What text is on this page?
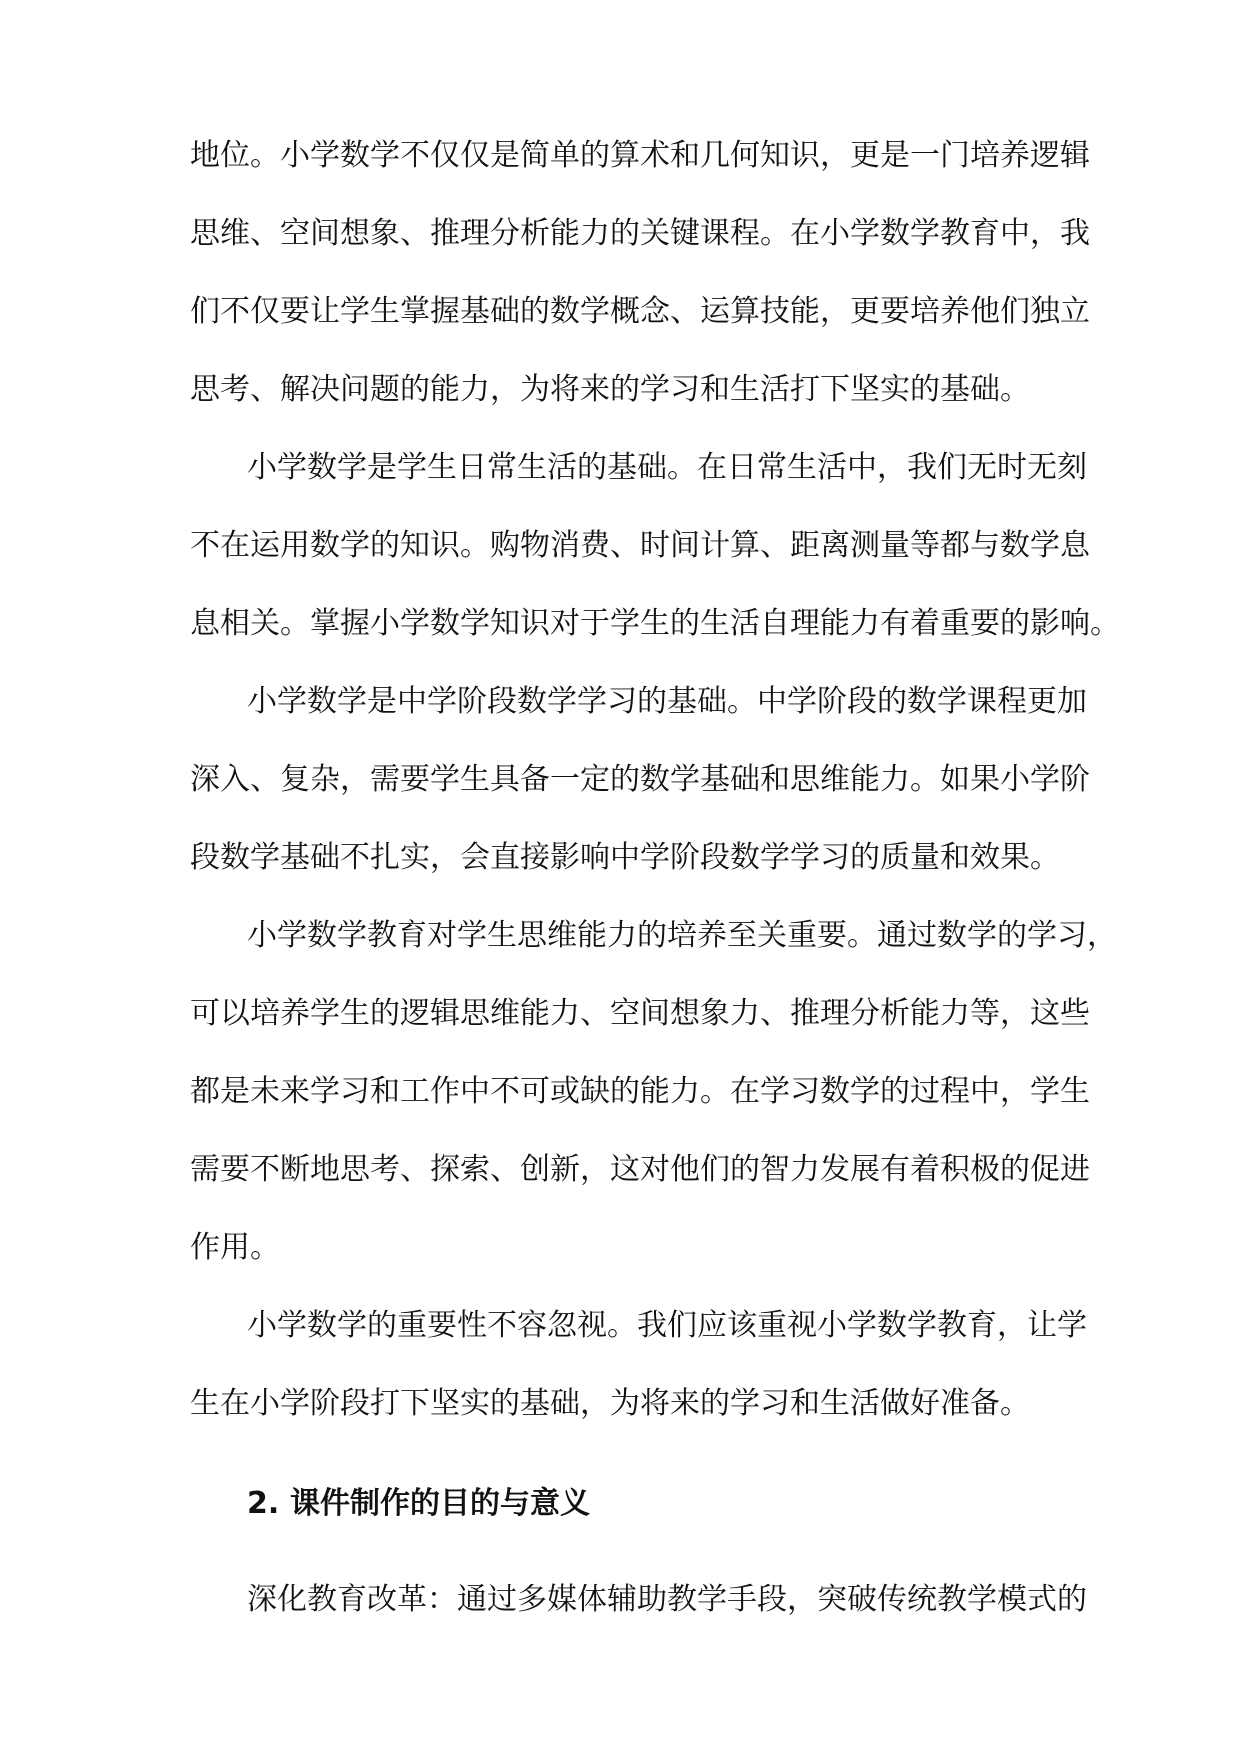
地位。小学数学不仅仅是简单的算术和几何知识，更是一门培养逻辑
思维、空间想象、推理分析能力的关键课程。在小学数学教育中，我
们不仅要让学生掌握基础的数学概念、运算技能，更要培养他们独立
思考、解决问题的能力，为将来的学习和生活打下坚实的基础。
小学数学是学生日常生活的基础。在日常生活中，我们无时无刻
不在运用数学的知识。购物消费、时间计算、距离测量等都与数学息
息相关。掌握小学数学知识对于学生的生活自理能力有着重要的影响。
小学数学是中学阶段数学学习的基础。中学阶段的数学课程更加
深入、复杂，需要学生具备一定的数学基础和思维能力。如果小学阶
段数学基础不扎实，会直接影响中学阶段数学学习的质量和效果。
小学数学教育对学生思维能力的培养至关重要。通过数学的学习，
可以培养学生的逻辑思维能力、空间想象力、推理分析能力等，这些
都是未来学习和工作中不可或缺的能力。在学习数学的过程中，学生
需要不断地思考、探索、创新，这对他们的智力发展有着积极的促进
作用。
小学数学的重要性不容忽视。我们应该重视小学数学教育，让学
生在小学阶段打下坚实的基础，为将来的学习和生活做好准备。
2. 课件制作的目的与意义
深化教育改革：通过多媒体辅助教学手段，突破传统教学模式的
